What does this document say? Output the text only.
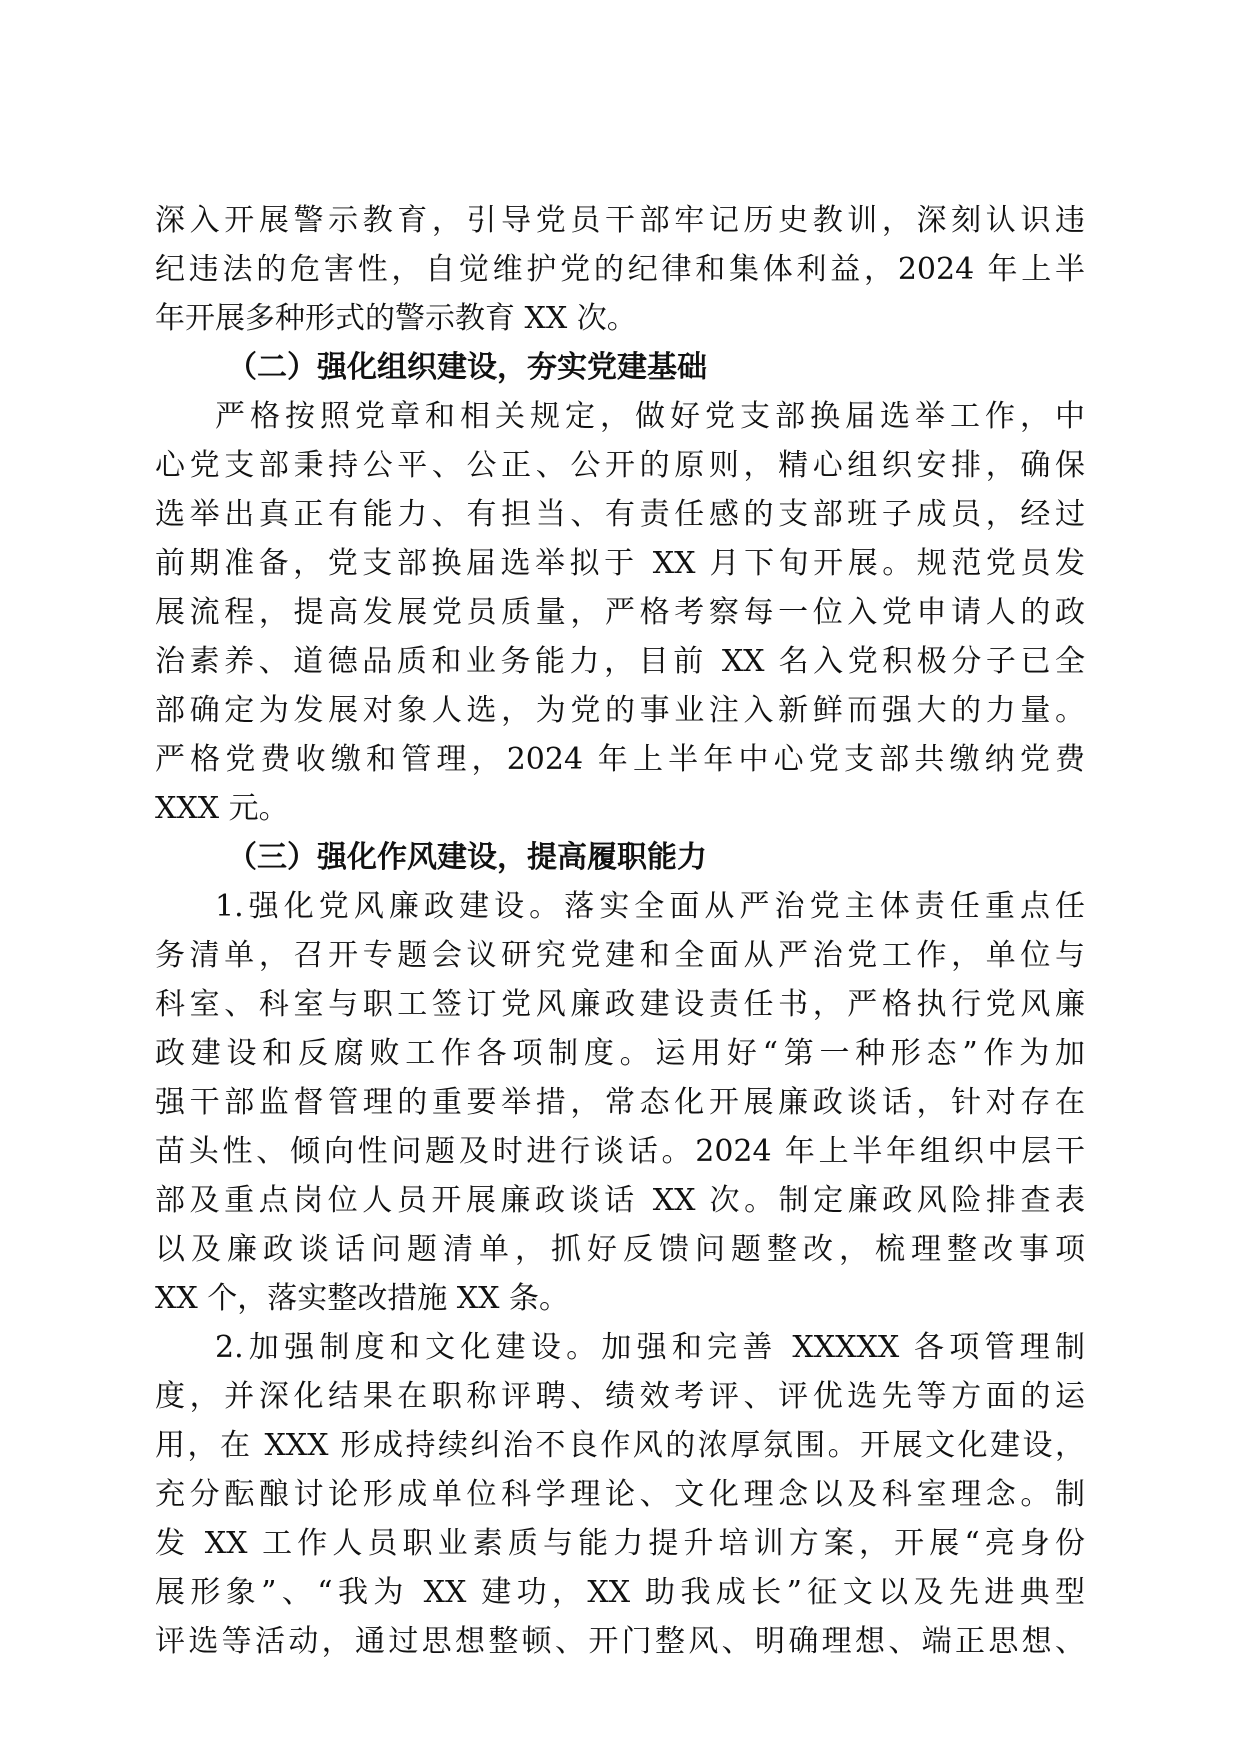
深入开展警示教育，引导党员干部牢记历史教训，深刻认识违
纪违法的危害性，自觉维护党的纪律和集体利益，2024 年上半
年开展多种形式的警示教育 XX 次。
（二）强化组织建设，夯实党建基础
严格按照党章和相关规定，做好党支部换届选举工作，中
心党支部秉持公平、公正、公开的原则，精心组织安排，确保
选举出真正有能力、有担当、有责任感的支部班子成员，经过
前期准备，党支部换届选举拟于 XX 月下旬开展。规范党员发
展流程，提高发展党员质量，严格考察每一位入党申请人的政
治素养、道德品质和业务能力，目前 XX 名入党积极分子已全
部确定为发展对象人选，为党的事业注入新鲜而强大的力量。
严格党费收缴和管理，2024 年上半年中心党支部共缴纳党费
XXX 元。
（三）强化作风建设，提高履职能力
1.强化党风廉政建设。落实全面从严治党主体责任重点任
务清单，召开专题会议研究党建和全面从严治党工作，单位与
科室、科室与职工签订党风廉政建设责任书，严格执行党风廉
政建设和反腐败工作各项制度。运用好“第一种形态”作为加
强干部监督管理的重要举措，常态化开展廉政谈话，针对存在
苗头性、倾向性问题及时进行谈话。2024 年上半年组织中层干
部及重点岗位人员开展廉政谈话 XX 次。制定廉政风险排查表
以及廉政谈话问题清单，抓好反馈问题整改，梳理整改事项
XX 个，落实整改措施 XX 条。
2.加强制度和文化建设。加强和完善 XXXXX 各项管理制
度，并深化结果在职称评聘、绩效考评、评优选先等方面的运
用，在 XXX 形成持续纠治不良作风的浓厚氛围。开展文化建设，
充分酝酿讨论形成单位科学理论、文化理念以及科室理念。制
发 XX 工作人员职业素质与能力提升培训方案，开展“亮身份
展形象”、“我为 XX 建功，XX 助我成长”征文以及先进典型
评选等活动，通过思想整顿、开门整风、明确理想、端正思想、
